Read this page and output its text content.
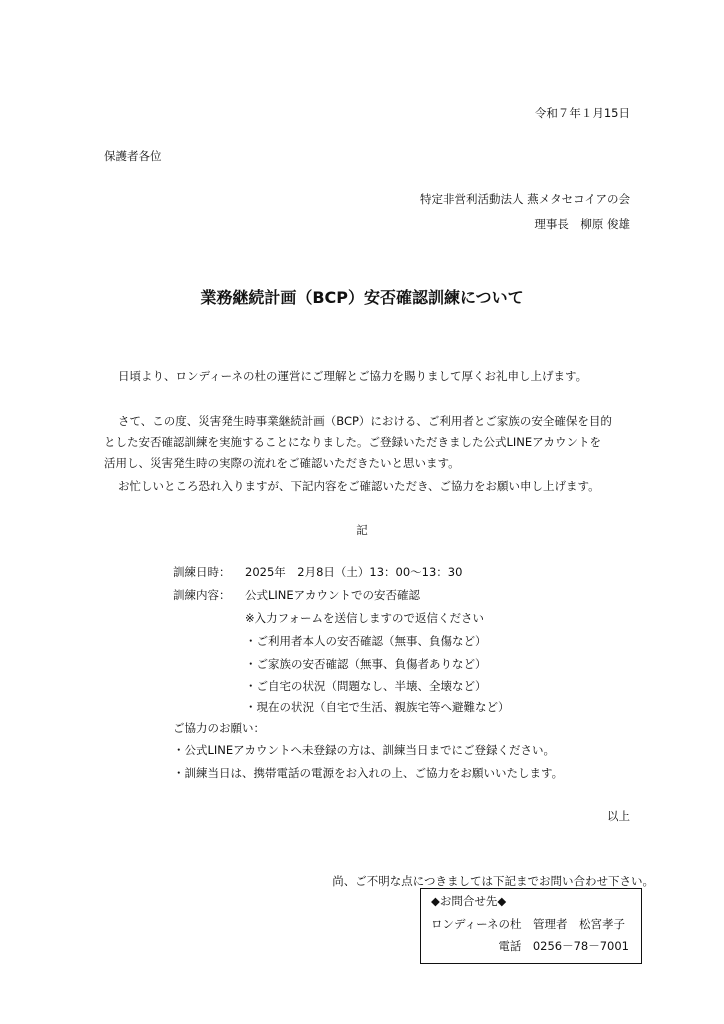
令和７年１月15日
保護者各位
特定非営利活動法人 燕メタセコイアの会
理事長　柳原 俊雄
業務継続計画（BCP）安否確認訓練について
日頃より、ロンディーネの杜の運営にご理解とご協力を賜りまして厚くお礼申し上げます。
さて、この度、災害発生時事業継続計画（BCP）における、ご利用者とご家族の安全確保を目的
とした安否確認訓練を実施することになりました。ご登録いただきました公式LINEアカウントを
活用し、災害発生時の実際の流れをご確認いただきたいと思います。
お忙しいところ恐れ入りますが、下記内容をご確認いただき、ご協力をお願い申し上げます。
記
訓練日時： 2025年　2月8日（土）13：00～13：30
訓練内容： 公式LINEアカウントでの安否確認
※入力フォームを送信しますので返信ください
・ご利用者本人の安否確認（無事、負傷など）
・ご家族の安否確認（無事、負傷者ありなど）
・ご自宅の状況（問題なし、半壊、全壊など）
・現在の状況（自宅で生活、親族宅等へ避難など）
ご協力のお願い：
・公式LINEアカウントへ未登録の方は、訓練当日までにご登録ください。
・訓練当日は、携帯電話の電源をお入れの上、ご協力をお願いいたします。
以上
尚、ご不明な点につきましては下記までお問い合わせ下さい。
◆お問合せ先◆
ロンディーネの杜　管理者　松宮孝子
電話　0256－78－7001
